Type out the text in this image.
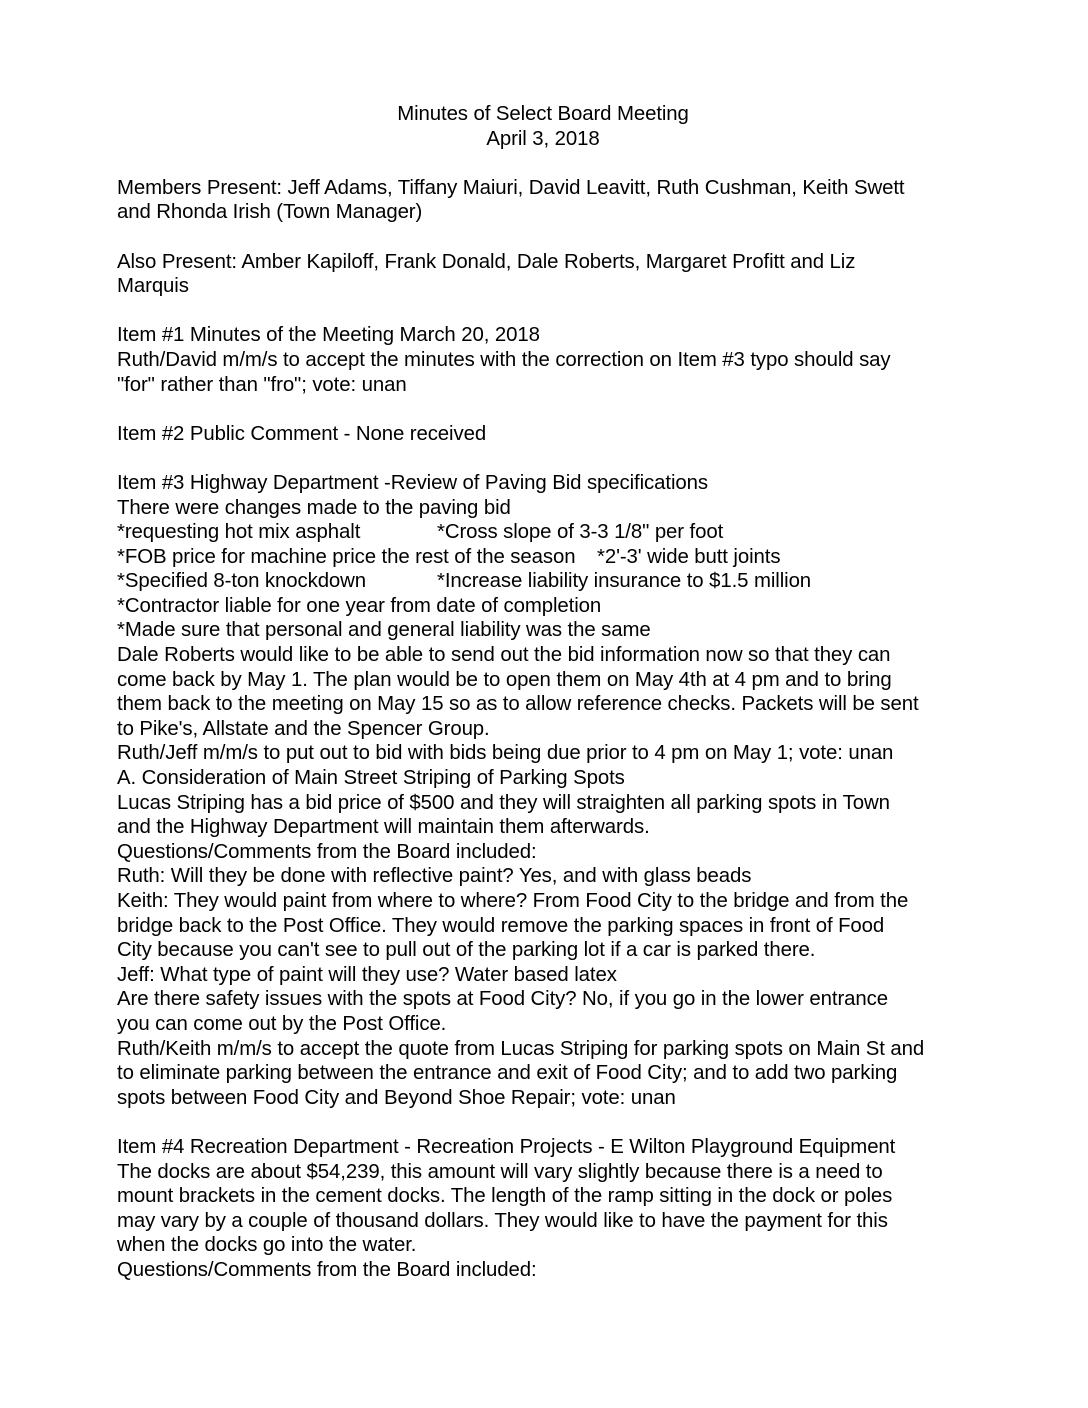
Minutes of Select Board Meeting
April 3, 2018
Members Present: Jeff Adams, Tiffany Maiuri, David Leavitt, Ruth Cushman, Keith Swett
and Rhonda Irish (Town Manager)
Also Present: Amber Kapiloff, Frank Donald, Dale Roberts, Margaret Profitt and Liz
Marquis
Item #1 Minutes of the Meeting March 20, 2018
Ruth/David m/m/s to accept the minutes with the correction on Item #3 typo should say
"for" rather than "fro"; vote: unan
Item #2 Public Comment - None received
Item #3 Highway Department -Review of Paving Bid specifications
There were changes made to the paving bid
*requesting hot mix asphalt	*Cross slope of 3-3 1/8" per foot
*FOB price for machine price the rest of the season *2'-3' wide butt joints
*Specified 8-ton knockdown	*Increase liability insurance to $1.5 million
*Contractor liable for one year from date of completion
*Made sure that personal and general liability was the same
Dale Roberts would like to be able to send out the bid information now so that they can
come back by May 1. The plan would be to open them on May 4th at 4 pm and to bring
them back to the meeting on May 15 so as to allow reference checks. Packets will be sent
to Pike's, Allstate and the Spencer Group.
Ruth/Jeff m/m/s to put out to bid with bids being due prior to 4 pm on May 1; vote: unan
A. Consideration of Main Street Striping of Parking Spots
Lucas Striping has a bid price of $500 and they will straighten all parking spots in Town
and the Highway Department will maintain them afterwards.
Questions/Comments from the Board included:
Ruth: Will they be done with reflective paint? Yes, and with glass beads
Keith: They would paint from where to where? From Food City to the bridge and from the
bridge back to the Post Office. They would remove the parking spaces in front of Food
City because you can't see to pull out of the parking lot if a car is parked there.
Jeff: What type of paint will they use? Water based latex
Are there safety issues with the spots at Food City? No, if you go in the lower entrance
you can come out by the Post Office.
Ruth/Keith m/m/s to accept the quote from Lucas Striping for parking spots on Main St and
to eliminate parking between the entrance and exit of Food City; and to add two parking
spots between Food City and Beyond Shoe Repair; vote: unan
Item #4 Recreation Department - Recreation Projects - E Wilton Playground Equipment
The docks are about $54,239, this amount will vary slightly because there is a need to
mount brackets in the cement docks. The length of the ramp sitting in the dock or poles
may vary by a couple of thousand dollars. They would like to have the payment for this
when the docks go into the water.
Questions/Comments from the Board included:
